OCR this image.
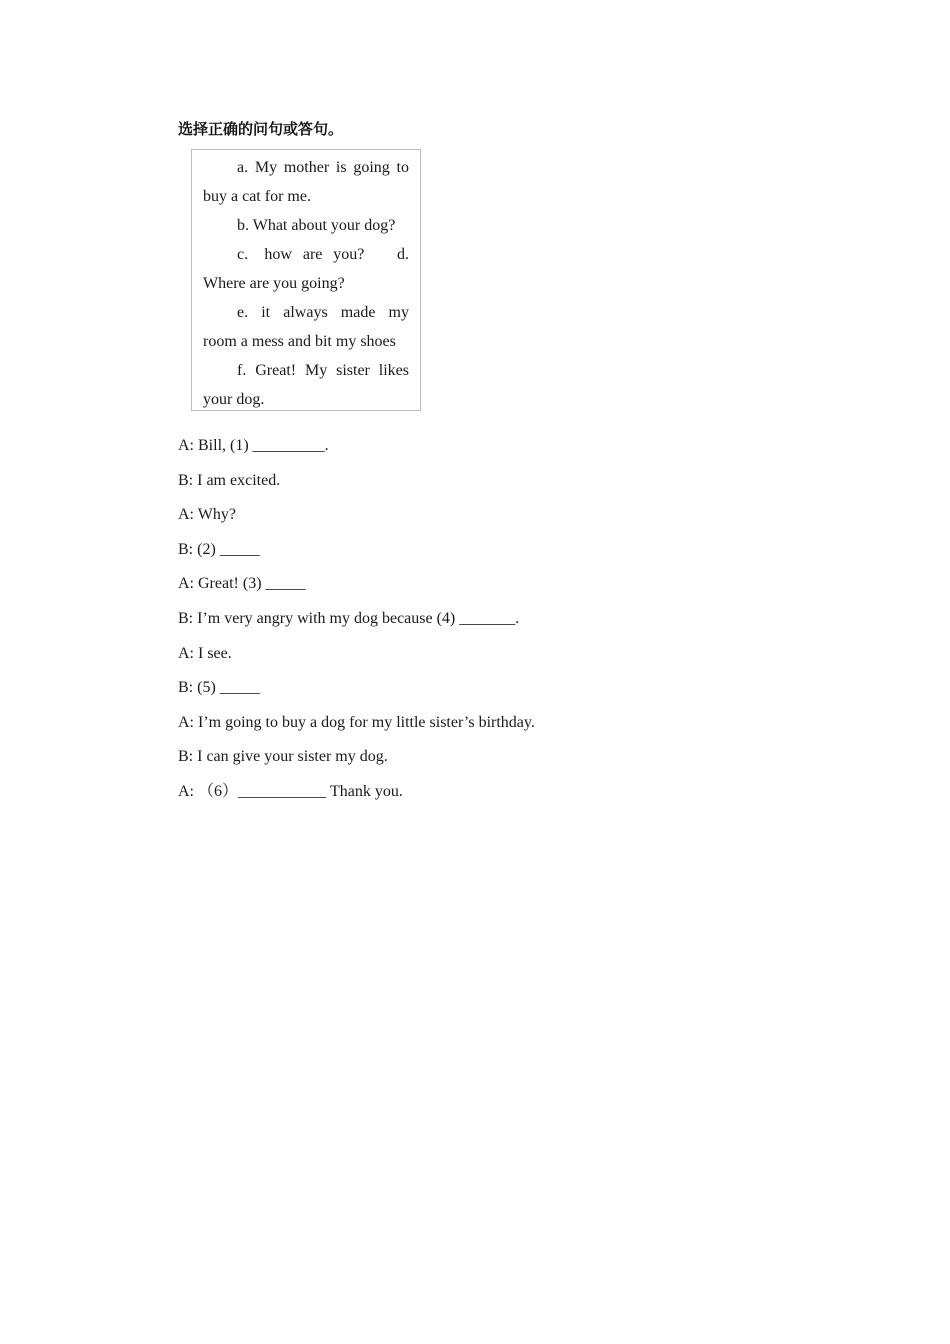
选择正确的问句或答句。

a. My mother is going to buy a cat for me.

b. What about your dog?

c.   how  are  you?      d. Where are you going?

e. it always made my room a mess and bit my shoes

f. Great! My sister likes your dog.

A: Bill, (1) _________.
B: I am excited.
A: Why?
B: (2) _____
A: Great! (3) _____
B: I’m very angry with my dog because (4) _______.
A: I see.
B: (5) _____
A: I’m going to buy a dog for my little sister’s birthday.
B: I can give your sister my dog.
A: （6）___________ Thank you.
